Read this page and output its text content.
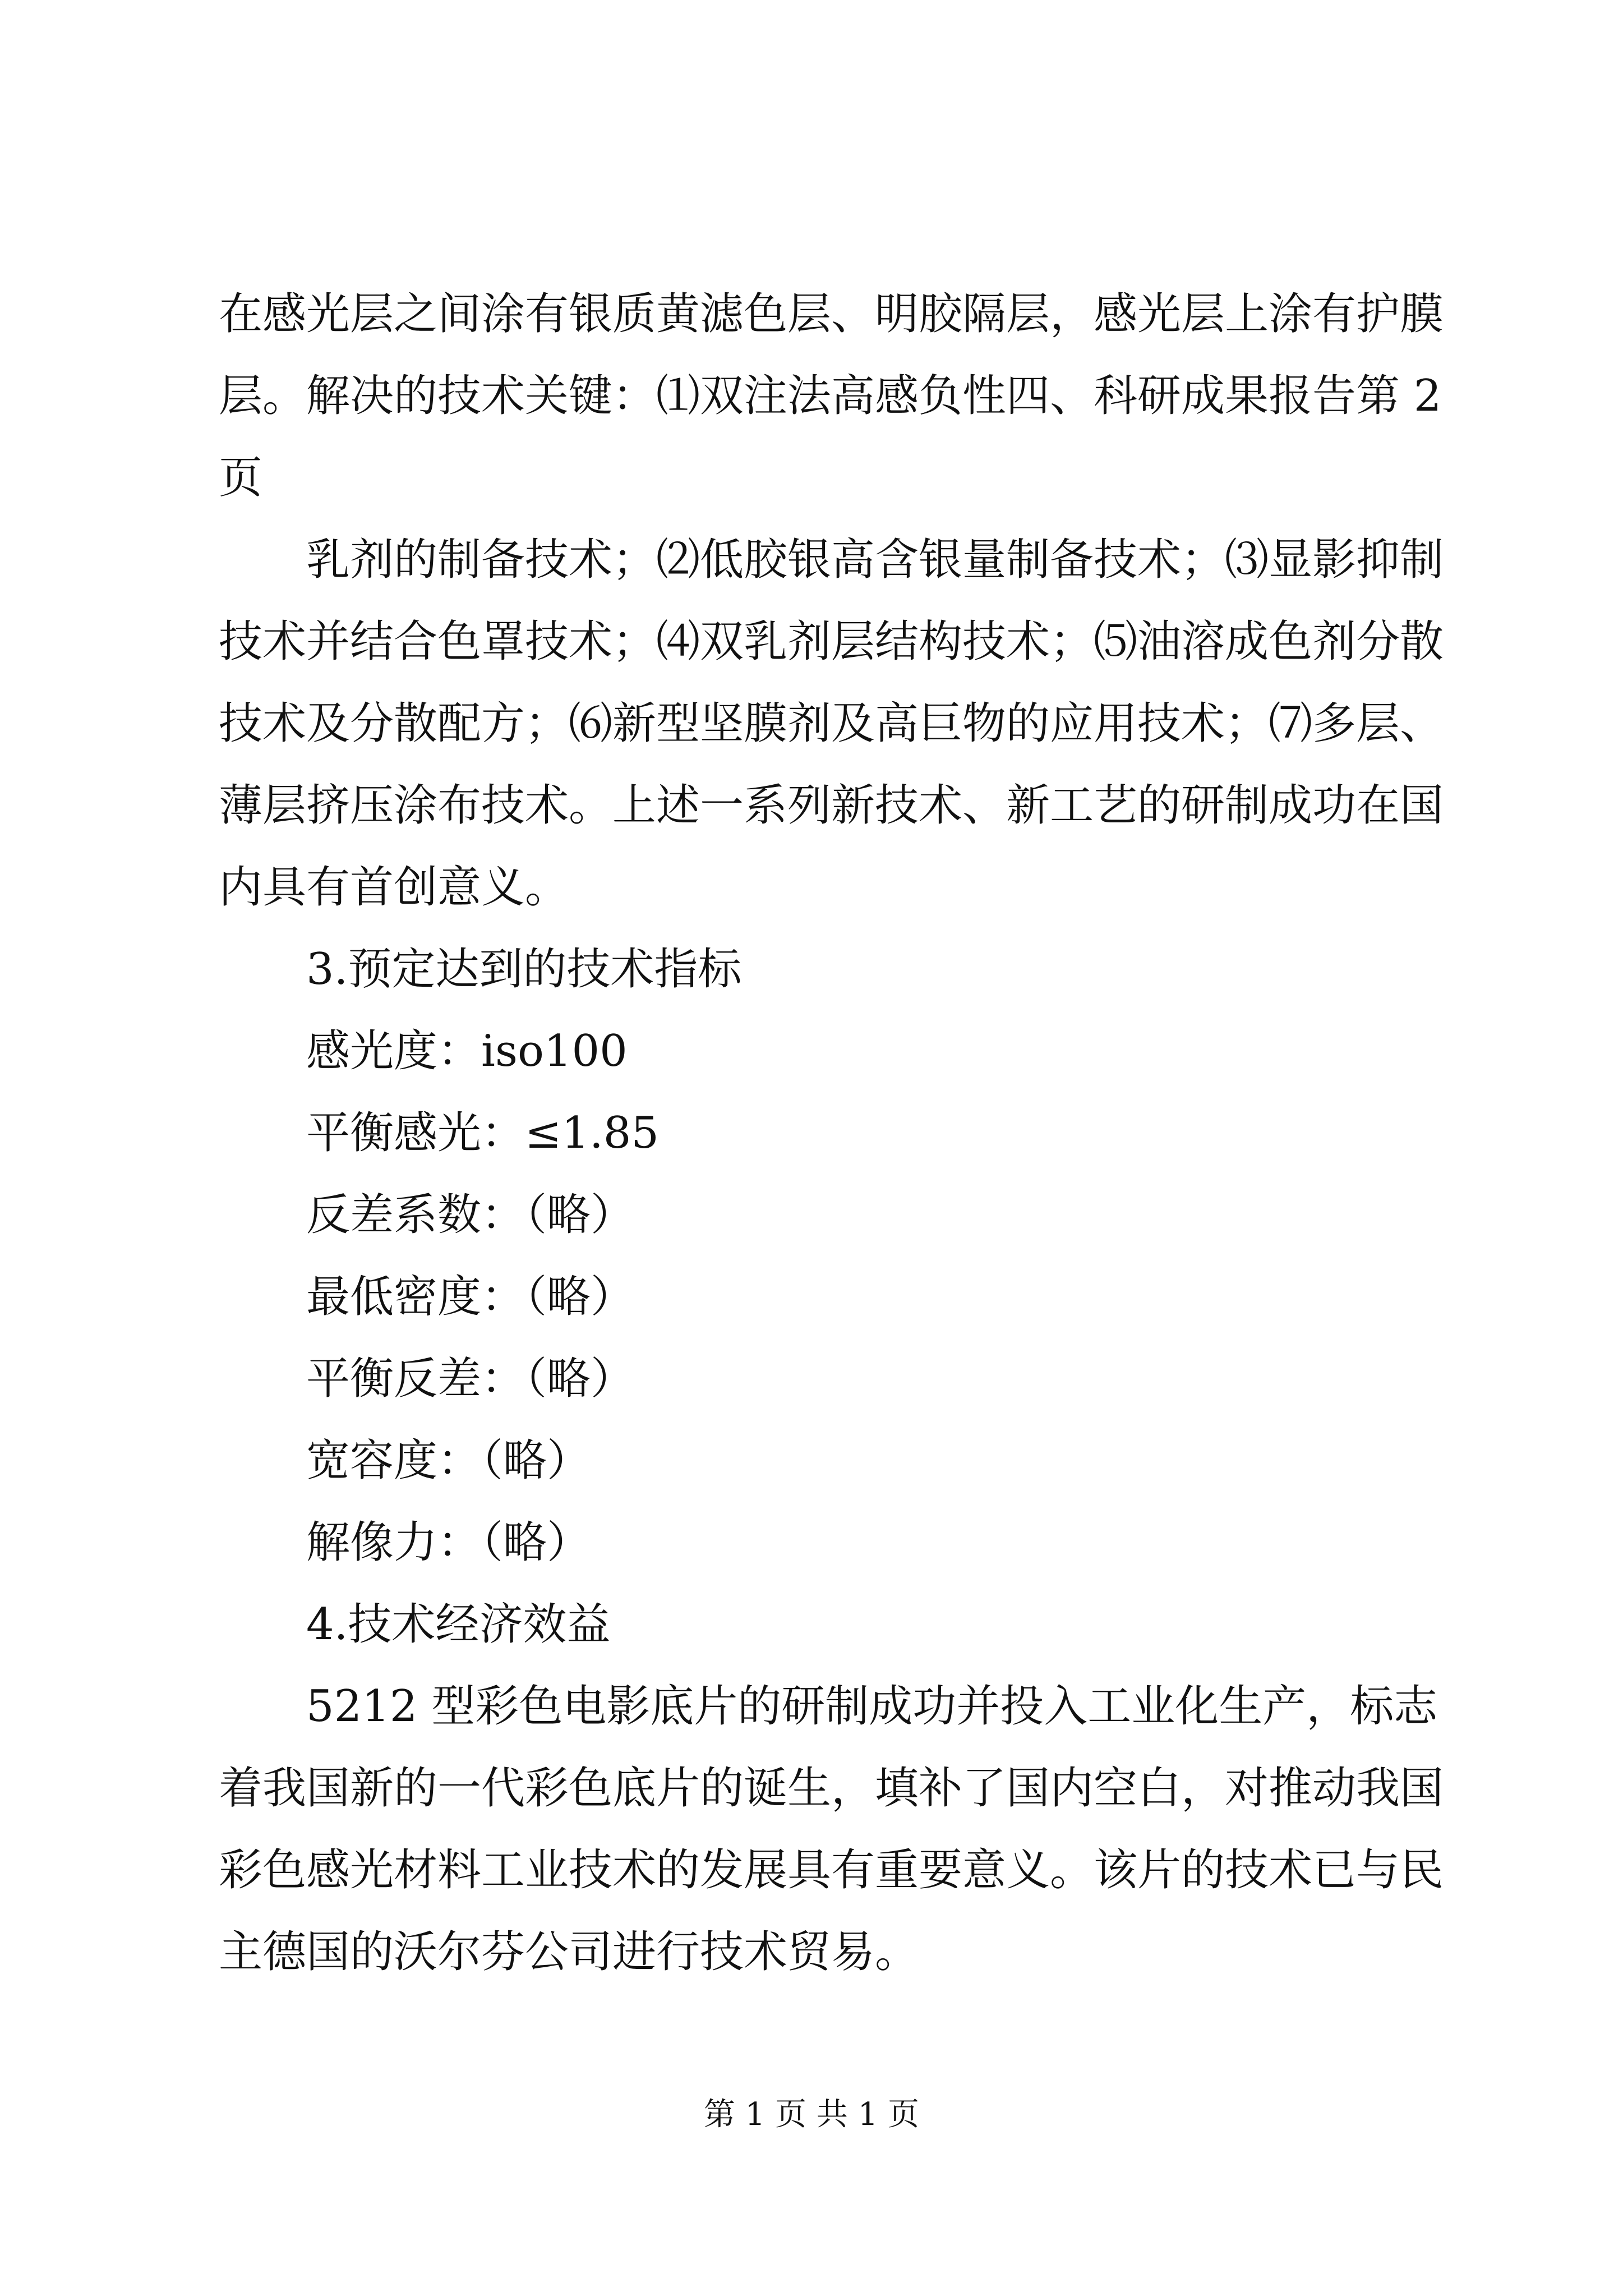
在感光层之间涂有银质黄滤色层、明胶隔层，感光层上涂有护膜
层。解决的技术关键：⑴双注法高感负性四、科研成果报告第 2
页
乳剂的制备技术；⑵低胶银高含银量制备技术；⑶显影抑制
技术并结合色罩技术；⑷双乳剂层结构技术；⑸油溶成色剂分散
技术及分散配方；⑹新型坚膜剂及高巨物的应用技术；⑺多层、
薄层挤压涂布技术。上述一系列新技术、新工艺的研制成功在国
内具有首创意义。
3.预定达到的技术指标
感光度：iso100
平衡感光：≤1.85
反差系数：（略）
最低密度：（略）
平衡反差：（略）
宽容度：（略）
解像力：（略）
4.技术经济效益
5212 型彩色电影底片的研制成功并投入工业化生产，标志
着我国新的一代彩色底片的诞生，填补了国内空白，对推动我国
彩色感光材料工业技术的发展具有重要意义。该片的技术已与民
主德国的沃尔芬公司进行技术贸易。
第 1 页 共 1 页
